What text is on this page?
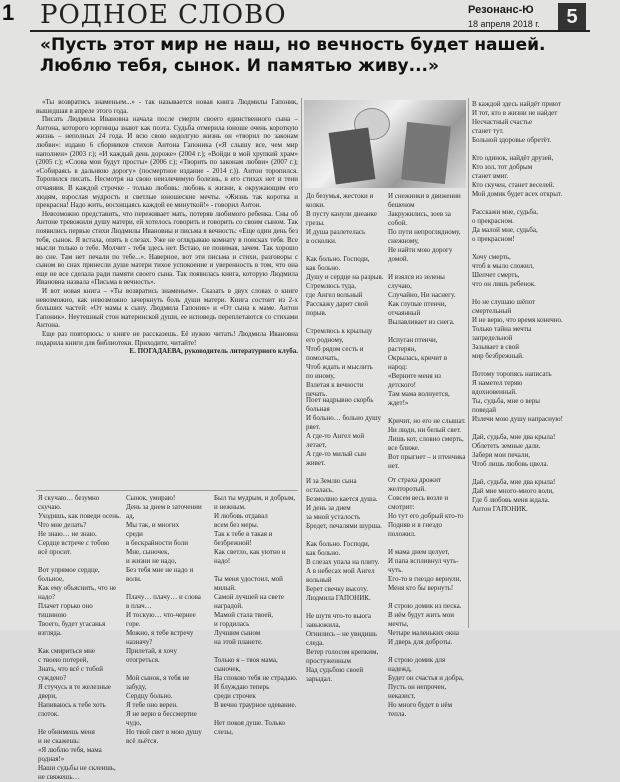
1 РОДНОЕ СЛОВО	Резонанс-Ю
18 апреля 2018 г.	5
«Пусть этот мир не наш, но вечность будет нашей. Люблю тебя, сынок. И памятью живу...»

«Ты возвратись знаменьем...» - так называется новая книга Людмилы Гапоник, вышедшая в апреле этого года.

Писать Людмила Ивановна начала после смерти своего единственного сына – Антона, которого юргинцы знают как поэта. Судьба отмерила юноше очень короткую жизнь – неполных 24 года. И всю свою недолгую жизнь он «творил по законам любви»: издано 6 сборников стихов Антона Гапоника («Я слышу все, чем мир наполнен» (2003 г.); «И каждый день дороже» (2004 г.); «Войди в мой хрупкий храм» (2005 г.); «Слова мои будут просты» (2006 г.); «Творить по законам любви» (2007 г.); «Собираясь в дальнюю дорогу» (посмертное издание - 2014 г.)). Антон торопился. Торопился писать. Несмотря на свою неизлечимую болезнь, в его стихах нет и тени отчаяния. В каждой строчке - только любовь: любовь к жизни, к окружающим его людям, взрослая мудрость и светлые юношеские мечты. «Жизнь так коротка и прекрасна! Надо жить, восхищаясь каждой ее минуткой!» - говорил Антон.

Невозможно представить, что переживает мать, потеряв любимого ребенка. Сны об Антоне тревожили душу матери, ей хотелось говорить и говорить со своим сыном. Так появились первые стихи Людмилы Ивановны и письма в вечность: «Еще один день без тебя, сынок. Я встала, опять в слезах. Уже не оглядываю комнату в поисках тебя. Все мысли только о тебе. Молчит - тебя здесь нет. Встаю, не понимая, зачем. Так хорошо во сне. Там нет печали по тебе...». Наверное, вот эти письма и стихи, разговоры с сыном во снах принесли душе матери тихое успокоение и уверенность в том, что она еще не все сделала ради памяти своего сына. Так появилась книга, которую Людмила Ивановна назвала «Письма в вечность».

И вот новая книга – «Ты возвратись знаменьем». Сказать в двух словах о книге невозможно, как невозможно зачеркнуть боль души матери. Книга состоит из 2-х больших частей: «От мамы к сыну. Людмила Гапоник» и «От сына к маме. Антон Гапоник». Неутешный стон материнской души, ее исповедь переплетаются со стихами Антона.

Еще раз повторюсь: о книге не рассказешь. Её нужно читать! Людмила Ивановна подарила книги для библиотеки. Приходите, читайте!

Е. ПОГАДАЕВА, руководитель литературного клуба.

До безумья, жестоки и колки.
В пусту канули днеанке грезы.
И душа разлетелась
в осколки.

Как больно. Господи,
как больно.
Душу и сердце на разрыв.
Стремлюсь туда,
где Ангел вольный
Расскажу дарит свой порыв.

Стремлюсь к крыльцу
его родному,
Чтоб рядом сесть и помолчать,
Чтоб ждать и мыслить
по иному,
Взлетая к вечности печать.
Поет надрывно скорбь больная
И больно… больно душу рвет.
А где-то Ангел мой летает,
А где-то милый сын живет.

И за Землю сына осталась.
Безмолвно кается душа.
И день за днем
за мной усталость
Бредет, печалями шурша.

Как больно. Господи,
как больно.
В слезах упала на плиту.
А в небесах мой Ангел вольный
Берет свечку высоту.
Людмила ГАПОНИК.

Не шутя что-то вьюга
завьюжила,
Огнились – не увидишь следа.
Ветер голосом крепким,
простуженным
Над судьбою своей зарыдал.
И снежинки в движении
бешеном
Закружились, зоев за собой.
По пути непроглядному,
снежному,
Не найти мою дорогу домой.

И взялся из зелены случаю,
Случайно, Ни наснегу.
Как глупые птенчи, отчаянный
Вылавливает из снега.

Испуган птенчи, растерян,
Окрылась, кричит в народ:
«Верните меня из детского!
Там мама волнуется, ждет!»

Кричит, но его не слышат.
Ни люди, ни белый свет.
Лишь кот, словно смерть,
все ближе.
Вот прыгнет – и птенчика нет.
От страха дрожит желторотый.
Совсем весь возле и смотрит:
Но тут его добрый кто-то
Подняв и в гнездо положил.

И мама днем целует,
И папа вспливнул чуть-чуть.
Его-то в гнездо вернули,
Меня кто бы вернуть!

Я строю домик из песка.
В нём будут жить мои мечты,
Четыре маленьких окна
И дверь для доброты.

Я строю домик для надежд,
Будет он счастья и добра,
Пусть он непрочен, неказист,
Но много будет в нём тепла.
В каждой здесь найдёт приют
И тот, кто в жизни не найдет
Несчастный счастье
станет тут.
Больной здоровье обретёт.

Кто одинок, найдёт друзей,
Кто зол, тот добрым
станет вмиг.
Кто скучен, станет веселей.
Мой домик будет всех открыт.

Расскажи мне, судьба,
о прекрасном.
Да малой мне, судьба,
о прекрасном!

Хочу смерть,
чтоб в мыло сложил,
Шепчет смерть,
что он лишь ребенок.

Но не слушаю шёпот
смертельный
И не верю, что время конечно.
Только тайна мечты
запредельной
Зазывает в свой
мир безбрежный.

Потому торопясь написать
Я наметел теряю
вдохновенный.
Ты, судьба, мне о веры
поведай
Излечи мою душу напрасную!

Дай, судьба, мне два крыла!
Облететь земные дали.
Забери мои печали,
Чтоб лишь любовь цвела.

Дай, судьба, мне два крыла!
Дай мне много-много воли,
Где б любовь меня ждала.
Антон ГАПОНИК.
Я скучаю… безумно скучаю.
Уходишь, как поведи осень.
Что мне делать?
Не знаю… не знаю.
Сердце встрече с тобою
всё просит.

Вот упрямое сердце, больное,
Как ему объяснить, что не надо?
Плачет горько оно тишиною
Твоего, будет угасанья
взгляда.

Как смириться мне
с твоею потерей,
Знать, что всё с тобой суждено?
Я стучусь в те железные двери,
Напиваюсь к тебе хоть глоток.

Не обнимешь меня
и не скажешь:
«Я люблю тебя, мама родная!»
Наши судьбы не склеишь,
не свяжешь…
Сынок, умираю!
День за днем в заточении ад,
Мы так, и многих
среди
в бескрайности боли
Мне, сыночек,
и жизни не надо,
Без тебя мне не надо и воли.

Плачу… плачу… и слова
в плач…
И тоскую… что-чернее горе.
Можно, я тебе встречу
назначу?
Прилетай, я хочу отогреться.

Мой сынок, я тебя не забуду,
Сердцу больно.
Я тебе оно верен.
Я не верю в бессмертие чудо,
Но твой свет в мою душу
всё льётся.
Был ты мудрым, и добрым,
и нежным.
И любовь отдавал
всем без меры.
Так к тебе в такая и безбрежной!
Как светло, как уютно и надо!

Ты меня удостоил, мой милый.
Самой лучшей на свете наградой.
Мамой стала твоей,
и гордилась
Лучшим сыном
на этой планете.

Только я – твоя мама, сыночек,
На спокою тебя не страдаю.
И блуждаю теперь
среди строчек
В вечно траурное одевание.

Нет покоя душе. Только слезы,
